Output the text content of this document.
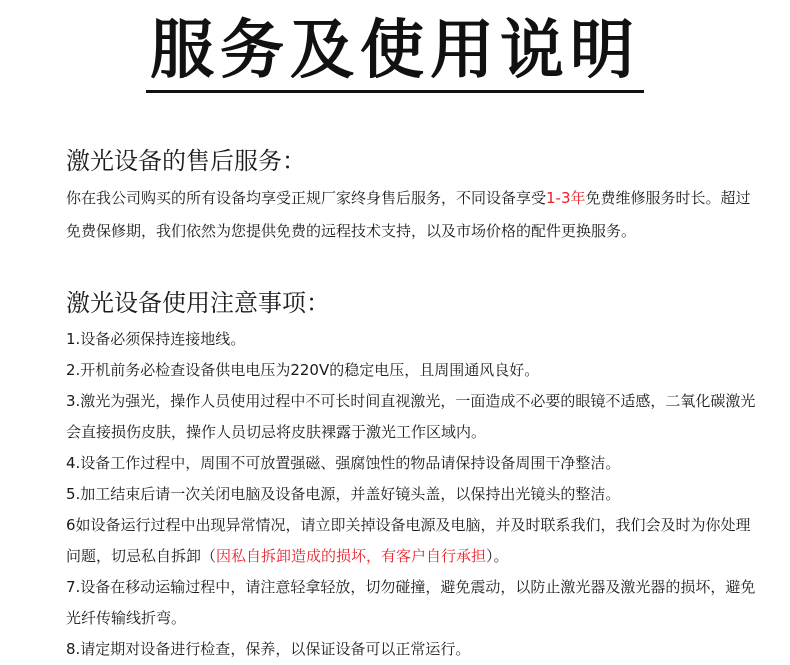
服务及使用说明
激光设备的售后服务：

你在我公司购买的所有设备均享受正规厂家终身售后服务，不同设备享受1-3年免费维修服务时长。超过免费保修期，我们依然为您提供免费的远程技术支持，以及市场价格的配件更换服务。

激光设备使用注意事项：

1.设备必须保持连接地线。

2.开机前务必检查设备供电电压为220V的稳定电压，且周围通风良好。

3.激光为强光，操作人员使用过程中不可长时间直视激光，一面造成不必要的眼镜不适感，二氧化碳激光会直接损伤皮肤，操作人员切忌将皮肤裸露于激光工作区域内。

4.设备工作过程中，周围不可放置强磁、强腐蚀性的物品请保持设备周围干净整洁。

5.加工结束后请一次关闭电脑及设备电源，并盖好镜头盖，以保持出光镜头的整洁。

6如设备运行过程中出现异常情况，请立即关掉设备电源及电脑，并及时联系我们，我们会及时为你处理问题，切忌私自拆卸（因私自拆卸造成的损坏，有客户自行承担）。

7.设备在移动运输过程中，请注意轻拿轻放，切勿碰撞，避免震动，以防止激光器及激光器的损坏，避免光纤传输线折弯。

8.请定期对设备进行检查，保养，以保证设备可以正常运行。
